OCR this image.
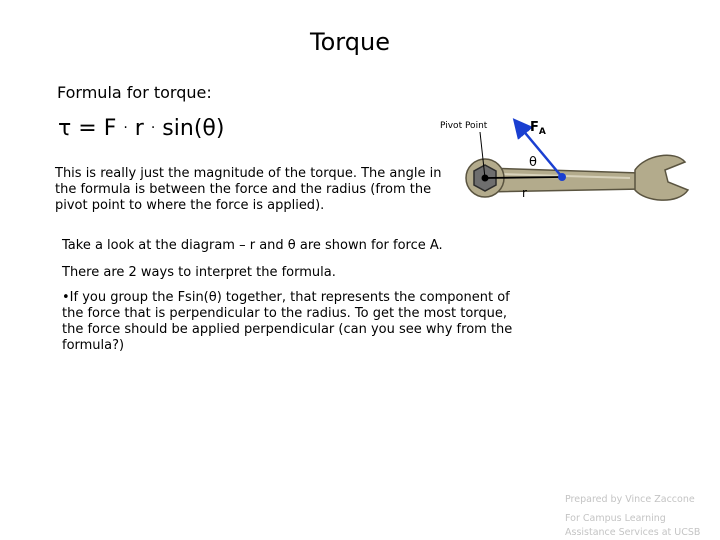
Torque
Formula for torque:
τ = F · r · sin(θ)
This is really just the magnitude of the torque. The angle in the formula is between the force and the radius (from the pivot point to where the force is applied).
Pivot Point	$F_A$
θ
r
Take a look at the diagram – r and θ are shown for force A.
There are 2 ways to interpret the formula.
•If you group the Fsin(θ) together, that represents the component of the force that is perpendicular to the radius. To get the most torque, the force should be applied perpendicular (can you see why from the formula?)
Prepared by Vince Zaccone
For Campus Learning Assistance Services at UCSB
